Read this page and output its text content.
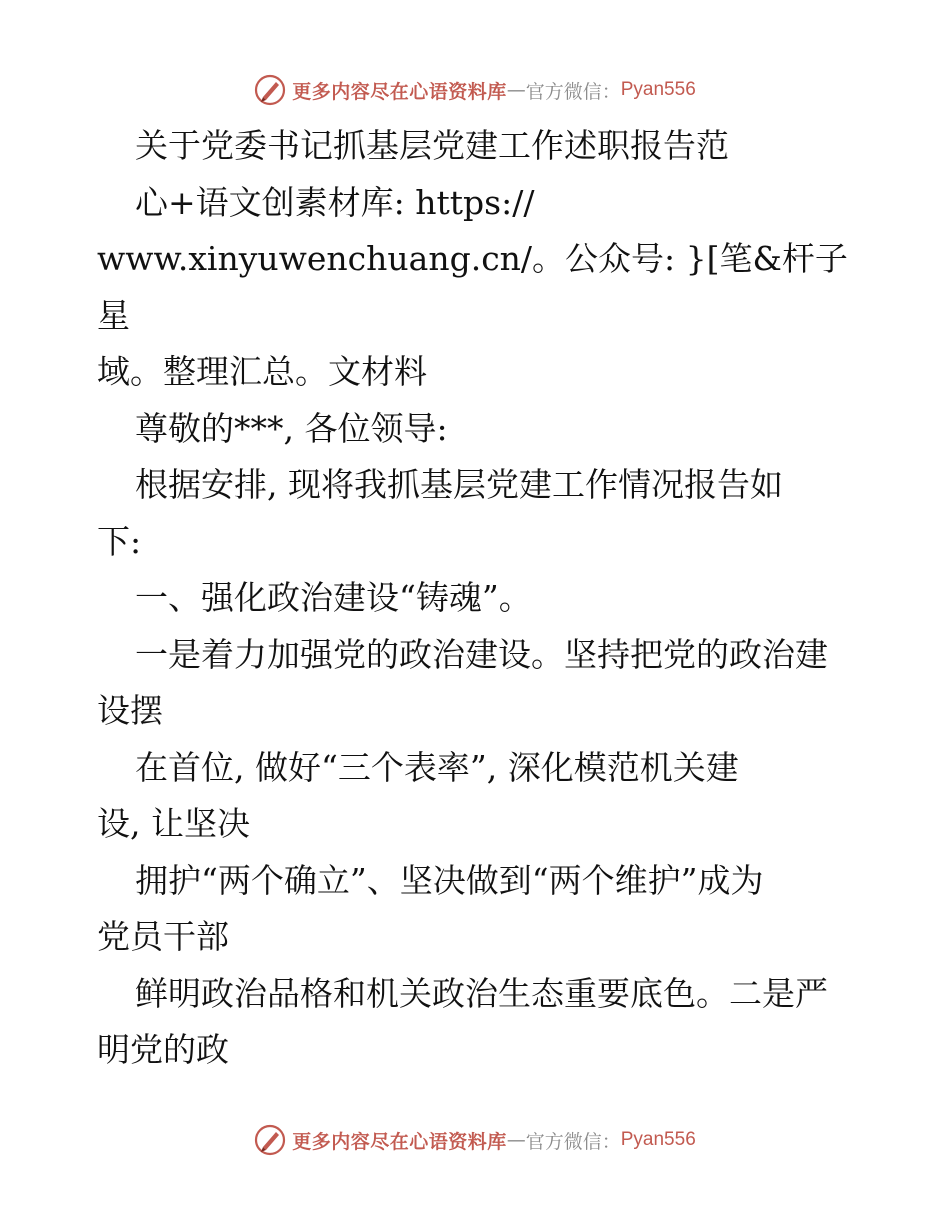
更多内容尽在心语资料库 — 官方微信： Pyan556

关于党委书记抓基层党建工作述职报告范

心+语文创素材库: https://

www.xinyuwenchuang.cn/。公众号: }[笔&杆子星

域。整理汇总。文材料

尊敬的***, 各位领导:

根据安排, 现将我抓基层党建工作情况报告如

下:

一、强化政治建设“铸魂”。

一是着力加强党的政治建设。坚持把党的政治建

设摆

在首位, 做好“三个表率”, 深化模范机关建

设, 让坚决

拥护“两个确立”、坚决做到“两个维护”成为

党员干部

鲜明政治品格和机关政治生态重要底色。二是严

明党的政

更多内容尽在心语资料库 — 官方微信： Pyan556
